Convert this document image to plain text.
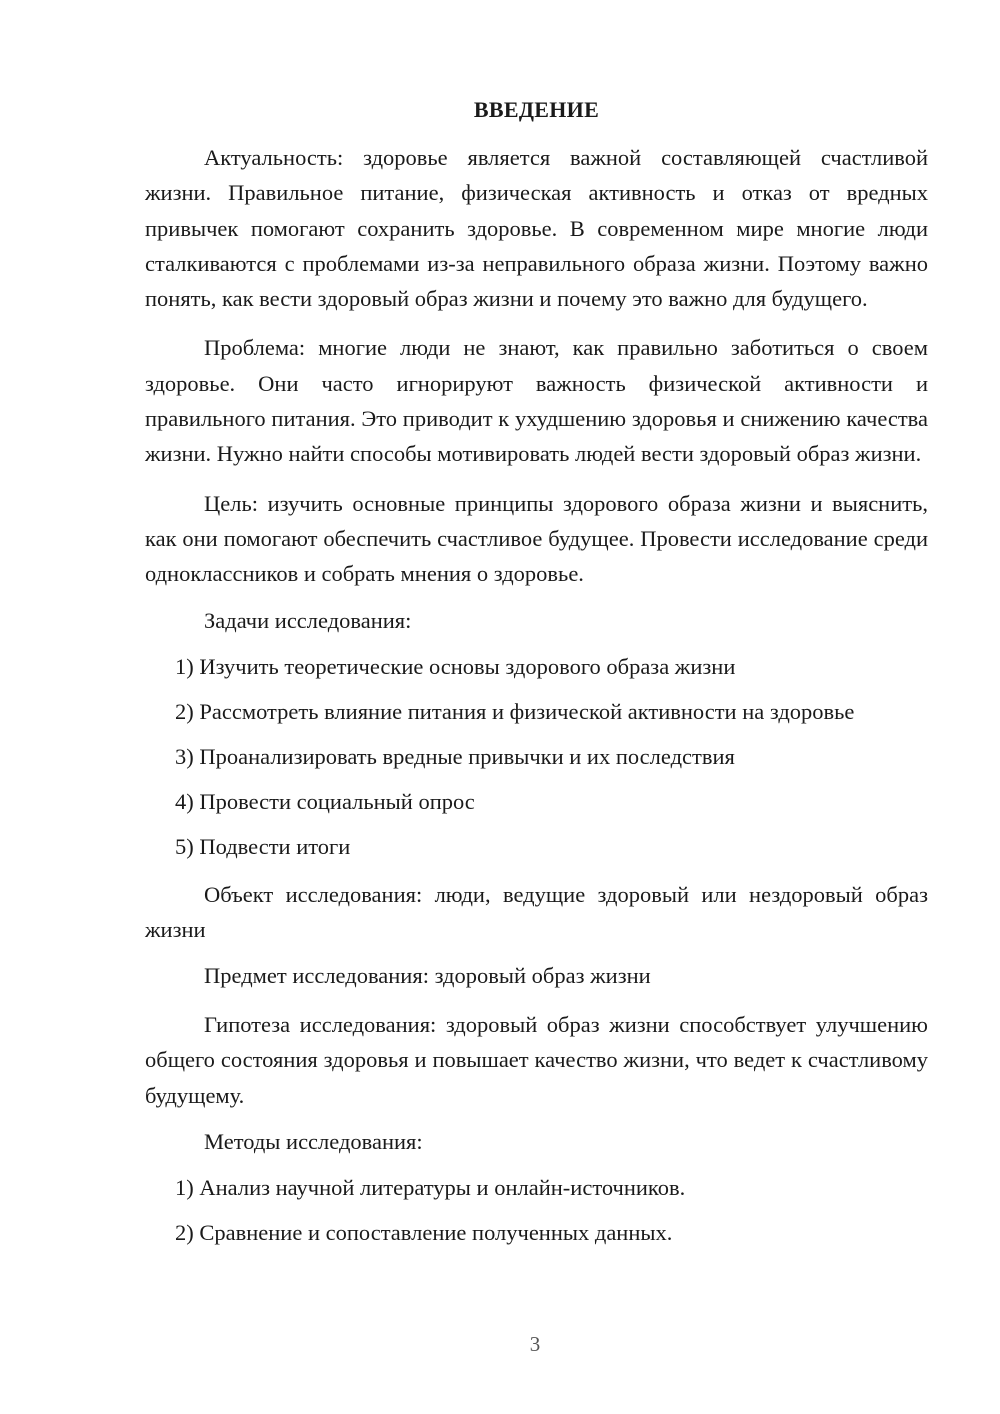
ВВЕДЕНИЕ

Актуальность: здоровье является важной составляющей счастливой жизни. Правильное питание, физическая активность и отказ от вредных привычек помогают сохранить здоровье. В современном мире многие люди сталкиваются с проблемами из-за неправильного образа жизни. Поэтому важно понять, как вести здоровый образ жизни и почему это важно для будущего.

Проблема: многие люди не знают, как правильно заботиться о своем здоровье. Они часто игнорируют важность физической активности и правильного питания. Это приводит к ухудшению здоровья и снижению качества жизни. Нужно найти способы мотивировать людей вести здоровый образ жизни.

Цель: изучить основные принципы здорового образа жизни и выяснить, как они помогают обеспечить счастливое будущее. Провести исследование среди одноклассников и собрать мнения о здоровье.

Задачи исследования:

1) Изучить теоретические основы здорового образа жизни
2) Рассмотреть влияние питания и физической активности на здоровье
3) Проанализировать вредные привычки и их последствия
4) Провести социальный опрос
5) Подвести итоги

Объект исследования: люди, ведущие здоровый или нездоровый образ жизни

Предмет исследования: здоровый образ жизни

Гипотеза исследования: здоровый образ жизни способствует улучшению общего состояния здоровья и повышает качество жизни, что ведет к счастливому будущему.

Методы исследования:

1) Анализ научной литературы и онлайн-источников.
2) Сравнение и сопоставление полученных данных.
3
